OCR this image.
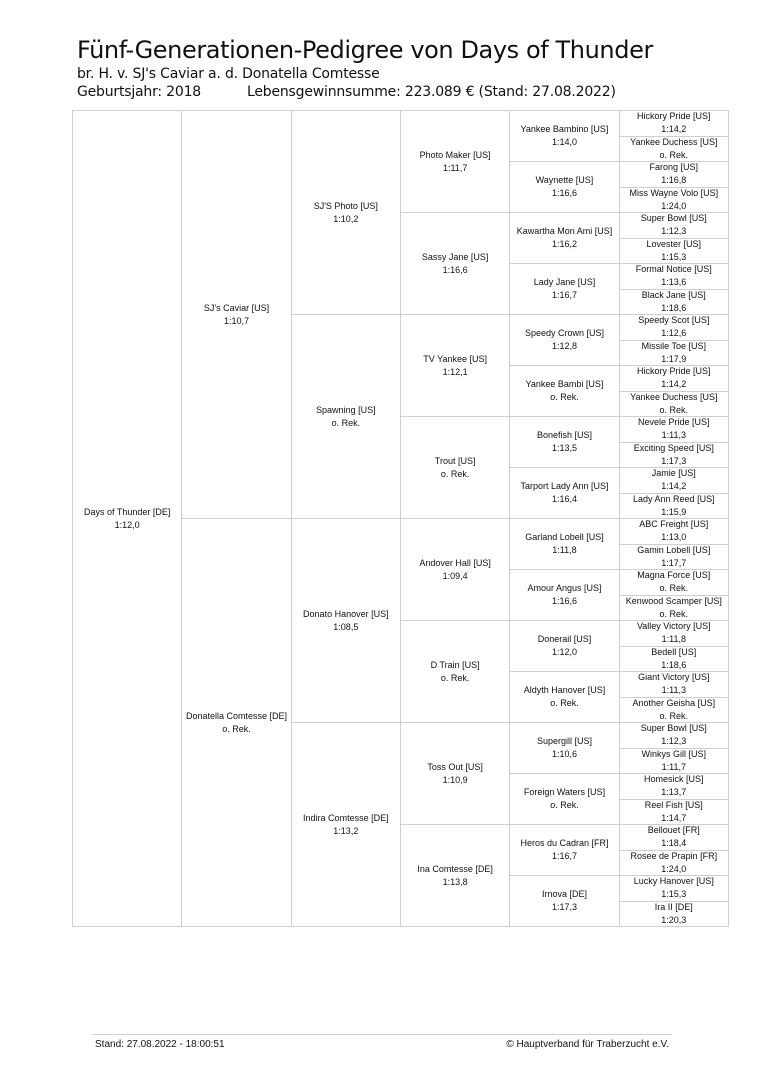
Fünf-Generationen-Pedigree von Days of Thunder
br. H. v. SJ's Caviar a. d. Donatella Comtesse
Geburtsjahr: 2018	Lebensgewinnsumme: 223.089 € (Stand: 27.08.2022)
Days of Thunder [DE]
1:12,0
SJ's Caviar [US]
1:10,7
Donatella Comtesse [DE]
o. Rek.
SJ'S Photo [US]
1:10,2
Spawning [US]
o. Rek.
Donato Hanover [US]
1:08,5
Indira Comtesse [DE]
1:13,2
Photo Maker [US]
1:11,7
Sassy Jane [US]
1:16,6
TV Yankee [US]
1:12,1
Trout [US]
o. Rek.
Andover Hall [US]
1:09,4
D Train [US]
o. Rek.
Toss Out [US]
1:10,9
Ina Comtesse [DE]
1:13,8
Yankee Bambino [US]
1:14,0
Waynette [US]
1:16,6
Kawartha Mon Ami [US]
1:16,2
Lady Jane [US]
1:16,7
Speedy Crown [US]
1:12,8
Yankee Bambi [US]
o. Rek.
Bonefish [US]
1:13,5
Tarport Lady Ann [US]
1:16,4
Garland Lobell [US]
1:11,8
Amour Angus [US]
1:16,6
Donerail [US]
1:12,0
Aldyth Hanover [US]
o. Rek.
Supergill [US]
1:10,6
Foreign Waters [US]
o. Rek.
Heros du Cadran [FR]
1:16,7
Irnova [DE]
1:17,3
Hickory Pride [US]
1:14,2
Yankee Duchess [US]
o. Rek.
Farong [US]
1:16,8
Miss Wayne Volo [US]
1:24,0
Super Bowl [US]
1:12,3
Lovester [US]
1:15,3
Formal Notice [US]
1:13,6
Black Jane [US]
1:18,6
Speedy Scot [US]
1:12,6
Missile Toe [US]
1:17,9
Hickory Pride [US]
1:14,2
Yankee Duchess [US]
o. Rek.
Nevele Pride [US]
1:11,3
Exciting Speed [US]
1:17,3
Jamie [US]
1:14,2
Lady Ann Reed [US]
1:15,9
ABC Freight [US]
1:13,0
Gamin Lobell [US]
1:17,7
Magna Force [US]
o. Rek.
Kenwood Scamper [US]
o. Rek.
Valley Victory [US]
1:11,8
Bedell [US]
1:18,6
Giant Victory [US]
1:11,3
Another Geisha [US]
o. Rek.
Super Bowl [US]
1:12,3
Winkys Gill [US]
1:11,7
Homesick [US]
1:13,7
Reel Fish [US]
1:14,7
Bellouet [FR]
1:18,4
Rosee de Prapin [FR]
1:24,0
Lucky Hanover [US]
1:15,3
Ira II [DE]
1:20,3
Stand: 27.08.2022 - 18:00:51	© Hauptverband für Traberzucht e.V.
